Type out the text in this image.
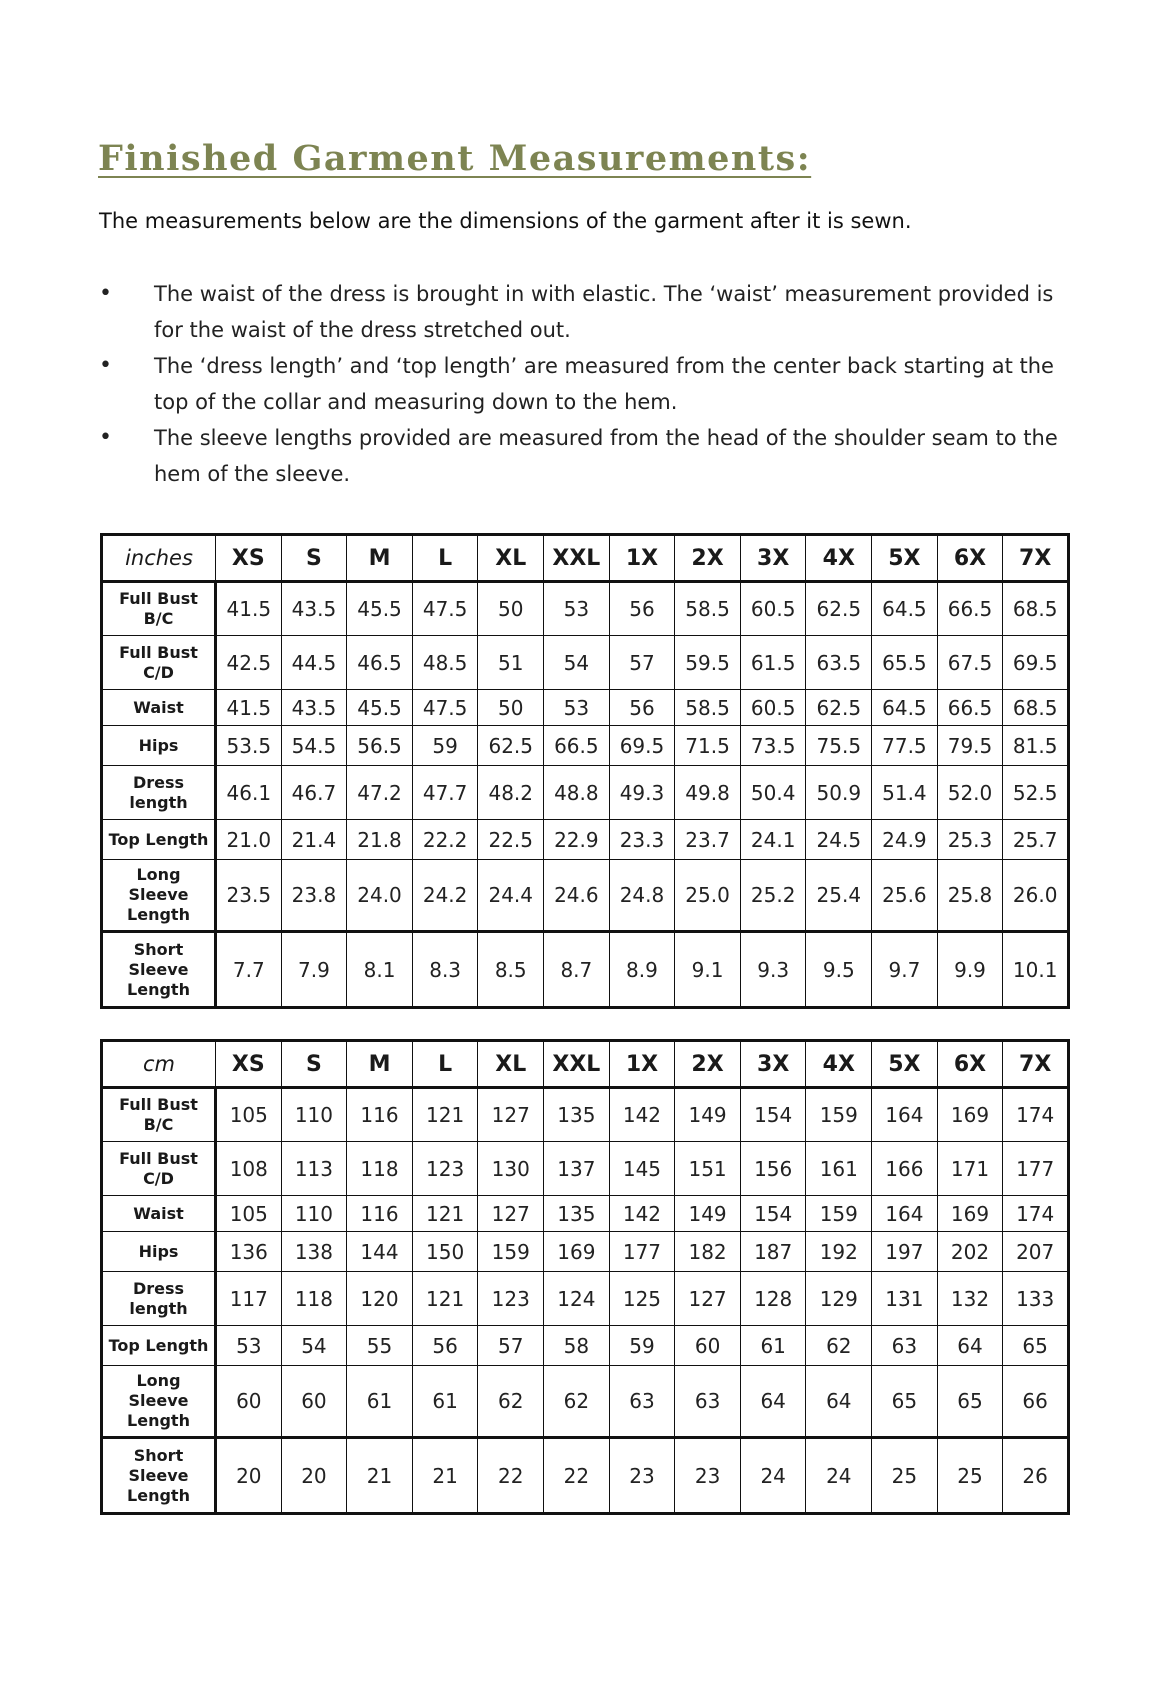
Finished Garment Measurements:

The measurements below are the dimensions of the garment after it is sewn.

• The waist of the dress is brought in with elastic. The ‘waist’ measurement provided is for the waist of the dress stretched out.
• The ‘dress length’ and ‘top length’ are measured from the center back starting at the top of the collar and measuring down to the hem.
• The sleeve lengths provided are measured from the head of the shoulder seam to the hem of the sleeve.
inches	XS	S	M	L	XL	XXL	1X	2X	3X	4X	5X	6X	7X
Full Bust
B/C	41.5	43.5	45.5	47.5	50	53	56	58.5	60.5	62.5	64.5	66.5	68.5
Full Bust
C/D	42.5	44.5	46.5	48.5	51	54	57	59.5	61.5	63.5	65.5	67.5	69.5
Waist	41.5	43.5	45.5	47.5	50	53	56	58.5	60.5	62.5	64.5	66.5	68.5
Hips	53.5	54.5	56.5	59	62.5	66.5	69.5	71.5	73.5	75.5	77.5	79.5	81.5
Dress
length	46.1	46.7	47.2	47.7	48.2	48.8	49.3	49.8	50.4	50.9	51.4	52.0	52.5
Top Length	21.0	21.4	21.8	22.2	22.5	22.9	23.3	23.7	24.1	24.5	24.9	25.3	25.7
Long
Sleeve
Length	23.5	23.8	24.0	24.2	24.4	24.6	24.8	25.0	25.2	25.4	25.6	25.8	26.0
Short
Sleeve
Length	7.7	7.9	8.1	8.3	8.5	8.7	8.9	9.1	9.3	9.5	9.7	9.9	10.1
cm	XS	S	M	L	XL	XXL	1X	2X	3X	4X	5X	6X	7X
Full Bust
B/C	105	110	116	121	127	135	142	149	154	159	164	169	174
Full Bust
C/D	108	113	118	123	130	137	145	151	156	161	166	171	177
Waist	105	110	116	121	127	135	142	149	154	159	164	169	174
Hips	136	138	144	150	159	169	177	182	187	192	197	202	207
Dress
length	117	118	120	121	123	124	125	127	128	129	131	132	133
Top Length	53	54	55	56	57	58	59	60	61	62	63	64	65
Long
Sleeve
Length	60	60	61	61	62	62	63	63	64	64	65	65	66
Short
Sleeve
Length	20	20	21	21	22	22	23	23	24	24	25	25	26
